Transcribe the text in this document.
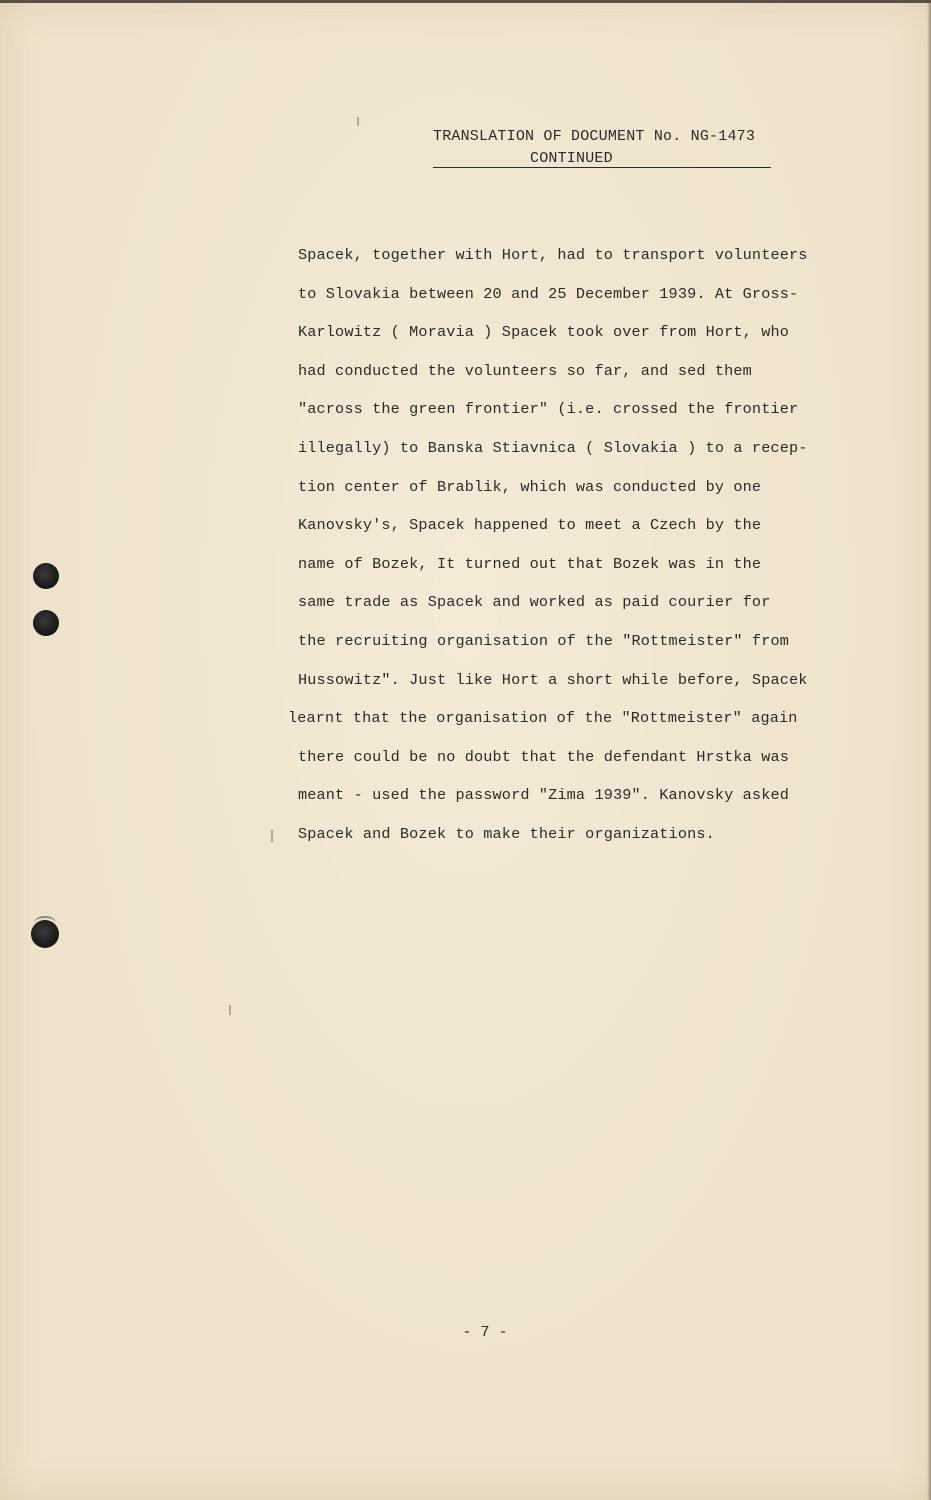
TRANSLATION OF DOCUMENT No. NG-1473
CONTINUED
Spacek, together with Hort, had to transport volunteers
to Slovakia between 20 and 25 December 1939. At Gross-
Karlowitz ( Moravia ) Spacek took over from Hort, who
had conducted the volunteers so far, and sed them
"across the green frontier" (i.e. crossed the frontier
illegally) to Banska Stiavnica ( Slovakia ) to a recep-
tion center of Brablik, which was conducted by one
Kanovsky's, Spacek happened to meet a Czech by the
name of Bozek, It turned out that Bozek was in the
same trade as Spacek and worked as paid courier for
the recruiting organisation of the "Rottmeister" from
Hussowitz". Just like Hort a short while before, Spacek
learnt that the organisation of the "Rottmeister" again
there could be no doubt that the defendant Hrstka was
meant - used the password "Zima 1939". Kanovsky asked
Spacek and Bozek to make their organizations.
- 7 -
